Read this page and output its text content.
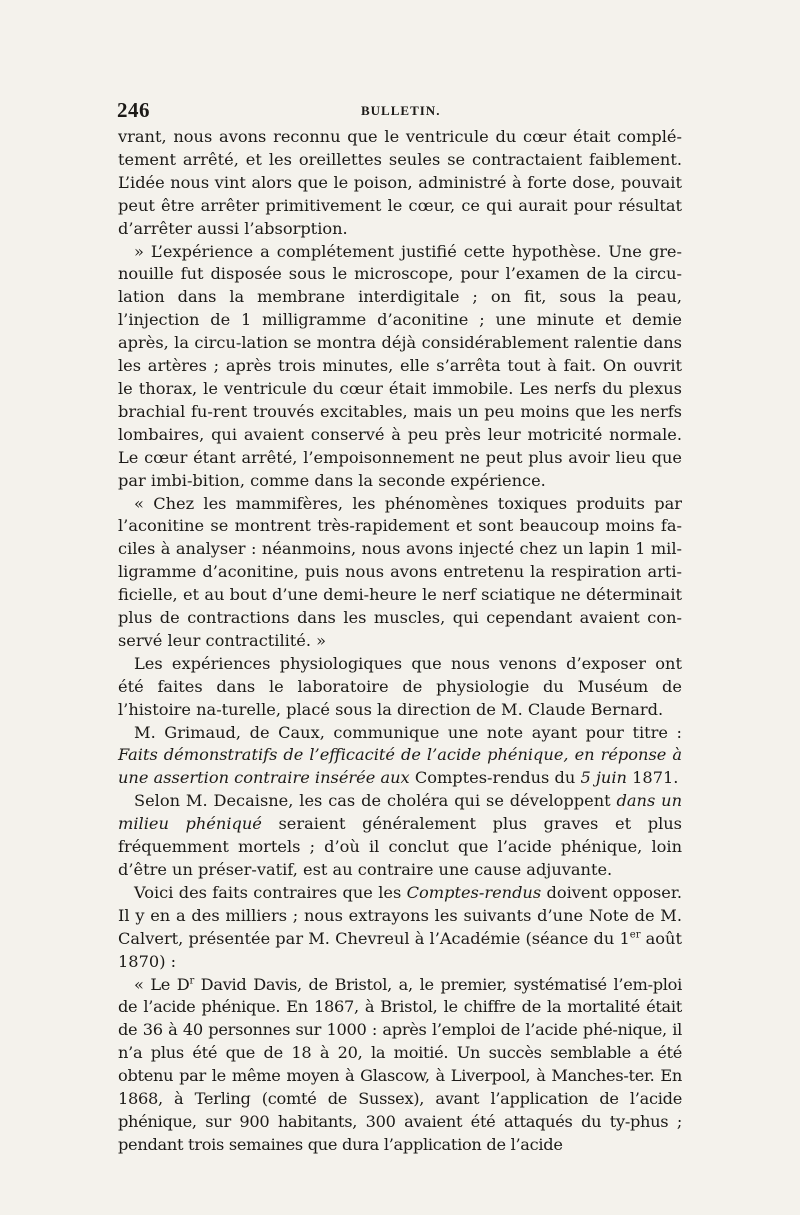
246	BULLETIN.

vrant, nous avons reconnu que le ventricule du cœur était complé-tement arrêté, et les oreillettes seules se contractaient faiblement. L’idée nous vint alors que le poison, administré à forte dose, pouvait peut être arrêter primitivement le cœur, ce qui aurait pour résultat d’arrêter aussi l’absorption.

» L’expérience a complétement justifié cette hypothèse. Une gre-nouille fut disposée sous le microscope, pour l’examen de la circu-lation dans la membrane interdigitale ; on fit, sous la peau, l’injection de 1 milligramme d’aconitine ; une minute et demie après, la circu-lation se montra déjà considérablement ralentie dans les artères ; après trois minutes, elle s’arrêta tout à fait. On ouvrit le thorax, le ventricule du cœur était immobile. Les nerfs du plexus brachial fu-rent trouvés excitables, mais un peu moins que les nerfs lombaires, qui avaient conservé à peu près leur motricité normale. Le cœur étant arrêté, l’empoisonnement ne peut plus avoir lieu que par imbi-bition, comme dans la seconde expérience.

« Chez les mammifères, les phénomènes toxiques produits par l’aconitine se montrent très-rapidement et sont beaucoup moins fa-ciles à analyser : néanmoins, nous avons injecté chez un lapin 1 mil-ligramme d’aconitine, puis nous avons entretenu la respiration arti-ficielle, et au bout d’une demi-heure le nerf sciatique ne déterminait plus de contractions dans les muscles, qui cependant avaient con-servé leur contractilité. »

Les expériences physiologiques que nous venons d’exposer ont été faites dans le laboratoire de physiologie du Muséum de l’histoire na-turelle, placé sous la direction de M. Claude Bernard.

M. Grimaud, de Caux, communique une note ayant pour titre : Faits démonstratifs de l’efficacité de l’acide phénique, en réponse à une assertion contraire insérée aux Comptes-rendus du 5 juin 1871.

Selon M. Decaisne, les cas de choléra qui se développent dans un milieu phéniqué seraient généralement plus graves et plus fréquemment mortels ; d’où il conclut que l’acide phénique, loin d’être un préser-vatif, est au contraire une cause adjuvante.

Voici des faits contraires que les Comptes-rendus doivent opposer. Il y en a des milliers ; nous extrayons les suivants d’une Note de M. Calvert, présentée par M. Chevreul à l’Académie (séance du 1er août 1870) :

« Le $D^r$ David Davis, de Bristol, a, le premier, systématisé l’em-ploi de l’acide phénique. En 1867, à Bristol, le chiffre de la mortalité était de 36 à 40 personnes sur 1000 : après l’emploi de l’acide phé-nique, il n’a plus été que de 18 à 20, la moitié. Un succès semblable a été obtenu par le même moyen à Glascow, à Liverpool, à Manches-ter. En 1868, à Terling (comté de Sussex), avant l’application de l’acide phénique, sur 900 habitants, 300 avaient été attaqués du ty-phus ; pendant trois semaines que dura l’application de l’acide
